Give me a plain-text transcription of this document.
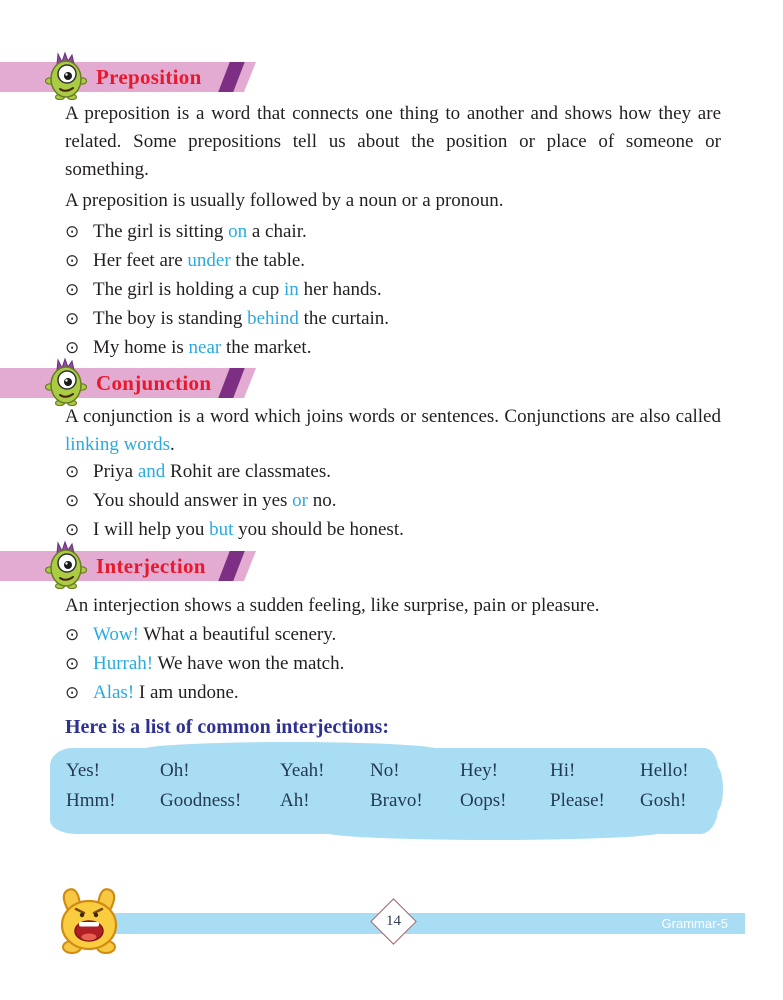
Preposition
A preposition is a word that connects one thing to another and shows how they are related. Some prepositions tell us about the position or place of someone or something.
A preposition is usually followed by a noun or a pronoun.
⊙ The girl is sitting on a chair.
⊙ Her feet are under the table.
⊙ The girl is holding a cup in her hands.
⊙ The boy is standing behind the curtain.
⊙ My home is near the market.
Conjunction
A conjunction is a word which joins words or sentences. Conjunctions are also called linking words.
⊙ Priya and Rohit are classmates.
⊙ You should answer in yes or no.
⊙ I will help you but you should be honest.
Interjection
An interjection shows a sudden feeling, like surprise, pain or pleasure.
⊙ Wow! What a beautiful scenery.
⊙ Hurrah! We have won the match.
⊙ Alas! I am undone.
Here is a list of common interjections:
Yes!	Oh!	Yeah!	No!	Hey!	Hi!	Hello!
Hmm!	Goodness!	Ah!	Bravo!	Oops!	Please!	Gosh!
Grammar-5
14
